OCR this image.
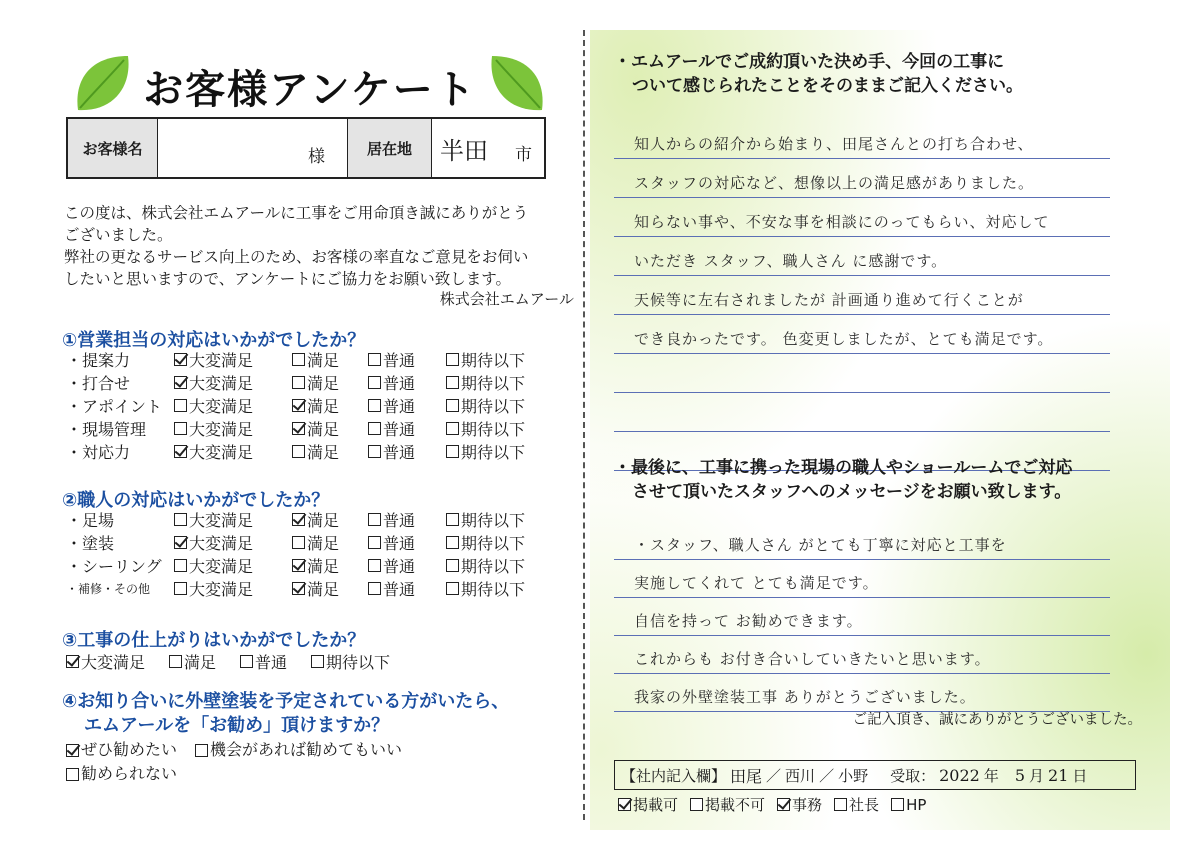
お客様アンケート
お客様名	様	居在地	半田 市
この度は、株式会社エムアールに工事をご用命頂き誠にありがとう
ございました。
弊社の更なるサービス向上のため、お客様の率直なご意見をお伺い
したいと思いますので、アンケートにご協力をお願い致します。
株式会社エムアール
①営業担当の対応はいかがでしたか？
・提案力	大変満足	満足	普通	期待以下
・打合せ	大変満足	満足	普通	期待以下
・アポイント	大変満足	満足	普通	期待以下
・現場管理	大変満足	満足	普通	期待以下
・対応力	大変満足	満足	普通	期待以下
②職人の対応はいかがでしたか？
・足場	大変満足	満足	普通	期待以下
・塗装	大変満足	満足	普通	期待以下
・シーリング	大変満足	満足	普通	期待以下
・補修・その他	大変満足	満足	普通	期待以下
③工事の仕上がりはいかがでしたか？
大変満足 満足 普通 期待以下
④お知り合いに外壁塗装を予定されている方がいたら、
エムアールを「お勧め」頂けますか？
ぜひ勧めたい 機会があれば勧めてもいい
勧められない
・エムアールでご成約頂いた決め手、今回の工事に
ついて感じられたことをそのままご記入ください。
知人からの紹介から始まり、田尾さんとの打ち合わせ、
スタッフの対応など、想像以上の満足感がありました。
知らない事や、不安な事を相談にのってもらい、対応して
いただき スタッフ、職人さん に感謝です。
天候等に左右されましたが 計画通り進めて行くことが
でき良かったです。 色変更しましたが、とても満足です。
・最後に、工事に携った現場の職人やショールームでご対応
させて頂いたスタッフへのメッセージをお願い致します。
・スタッフ、職人さん がとても丁寧に対応と工事を
実施してくれて とても満足です。
自信を持って お勧めできます。
これからも お付き合いしていきたいと思います。
我家の外壁塗装工事 ありがとうございました。
ご記入頂き、誠にありがとうございました。
【社内記入欄】 田尾 ／ 西川 ／ 小野 受取： 2022 年 5 月 21 日
掲載可 掲載不可 事務 社長 HP
